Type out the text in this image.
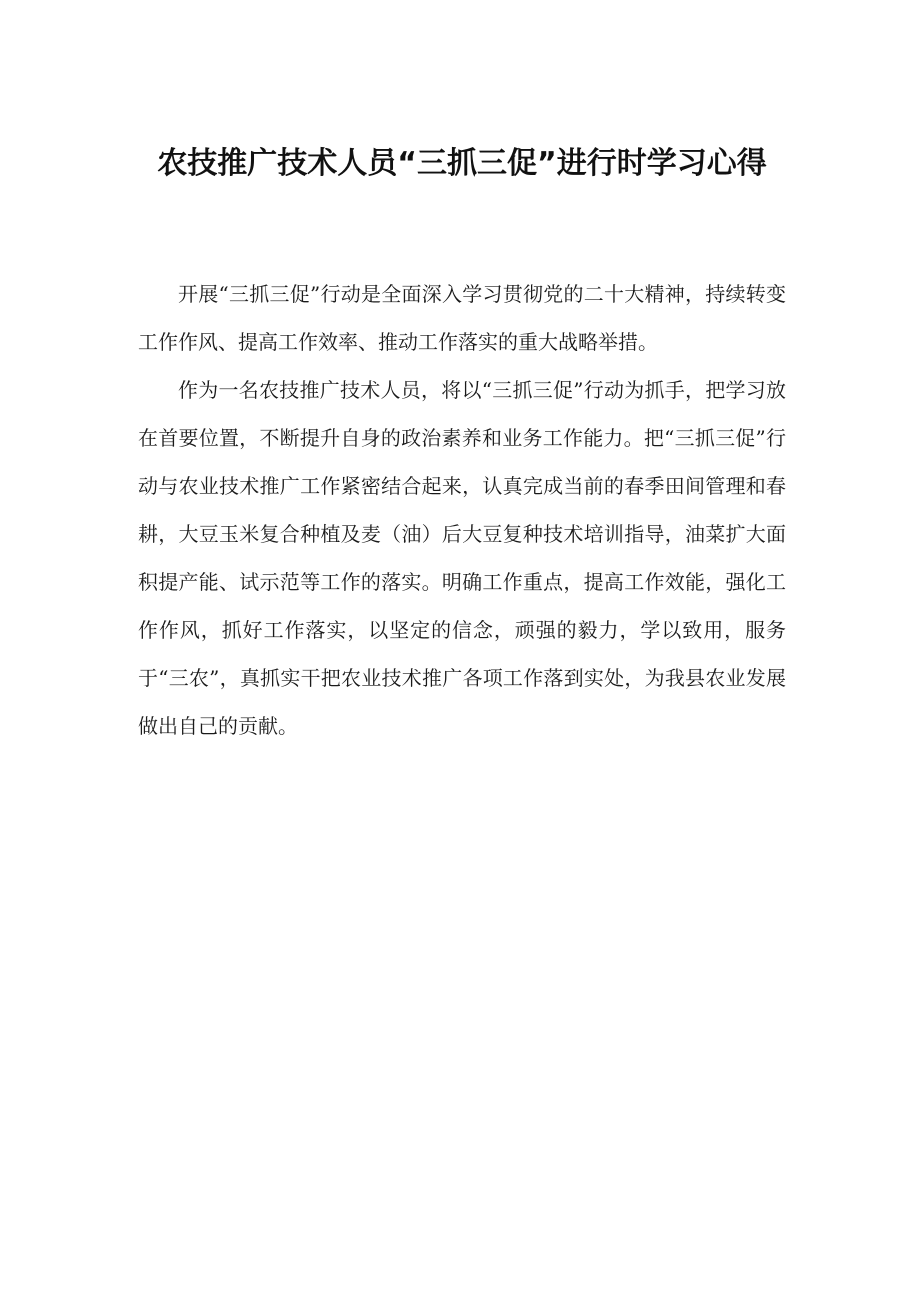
农技推广技术人员“三抓三促”进行时学习心得

开展“三抓三促”行动是全面深入学习贯彻党的二十大精神，持续转变工作作风、提高工作效率、推动工作落实的重大战略举措。

作为一名农技推广技术人员，将以“三抓三促”行动为抓手，把学习放在首要位置，不断提升自身的政治素养和业务工作能力。把“三抓三促”行动与农业技术推广工作紧密结合起来，认真完成当前的春季田间管理和春耕，大豆玉米复合种植及麦（油）后大豆复种技术培训指导，油菜扩大面积提产能、试示范等工作的落实。明确工作重点，提高工作效能，强化工作作风，抓好工作落实，以坚定的信念，顽强的毅力，学以致用，服务于“三农”，真抓实干把农业技术推广各项工作落到实处，为我县农业发展做出自己的贡献。
